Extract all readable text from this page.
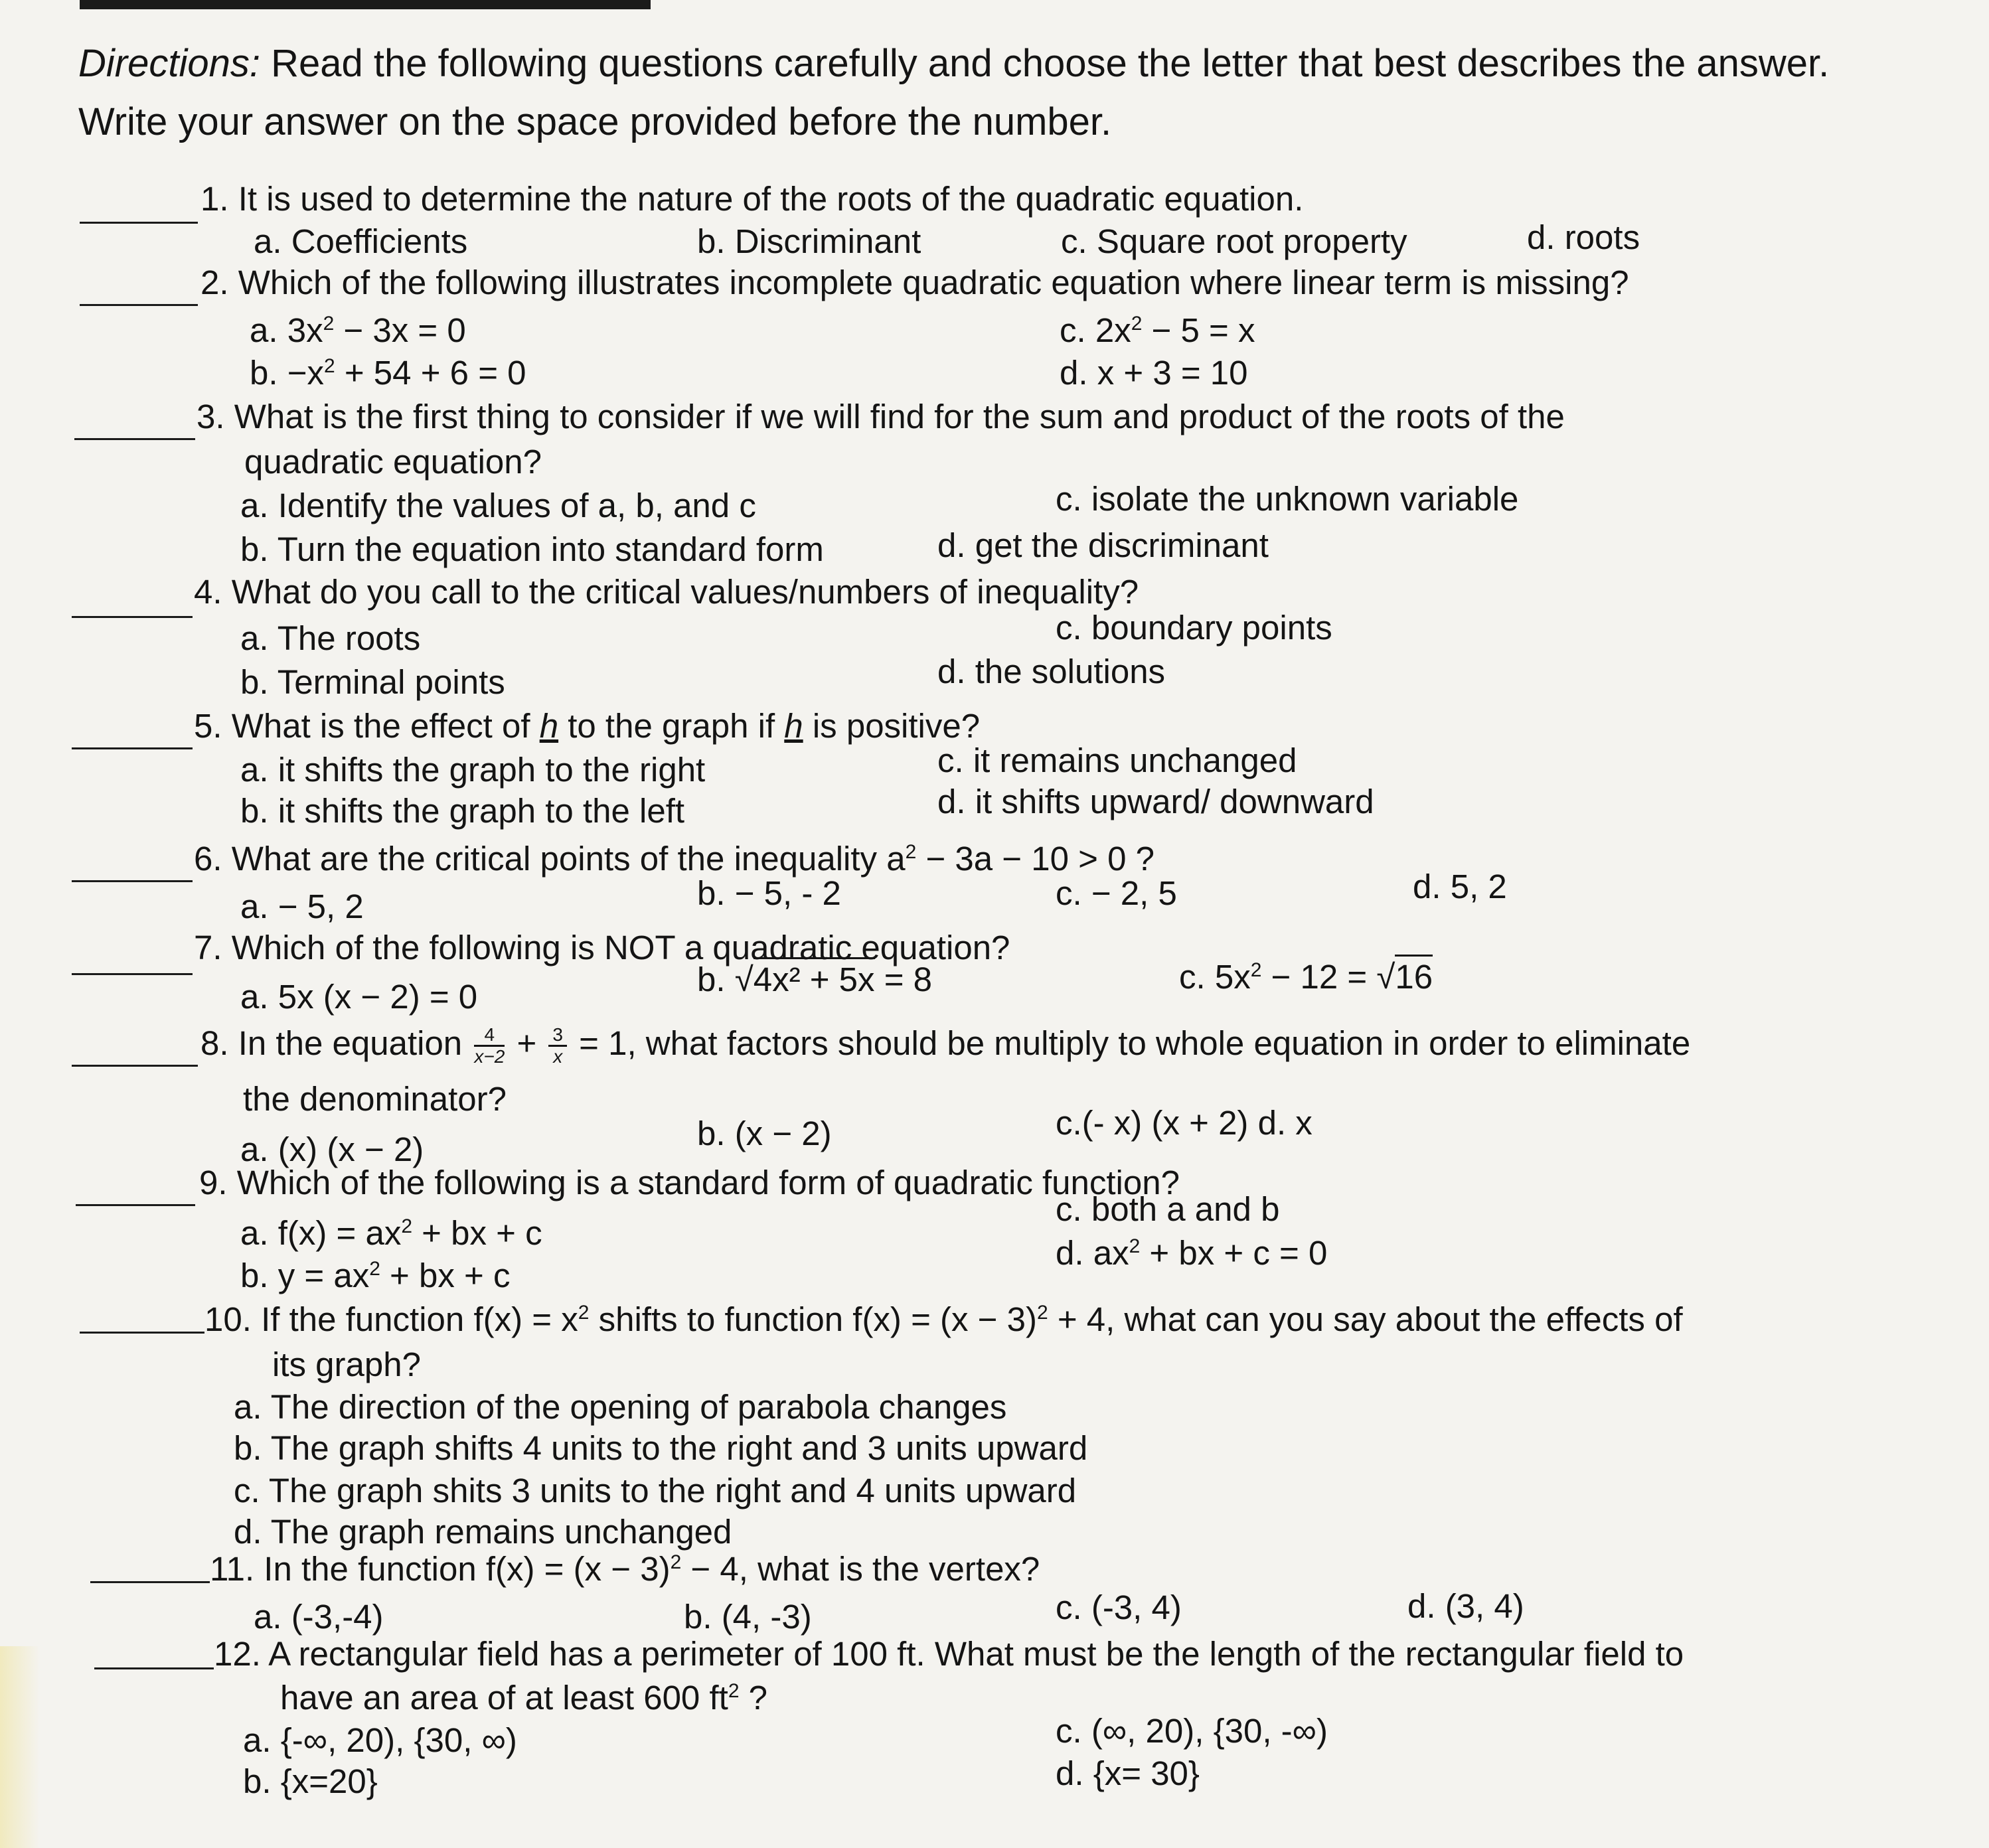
Directions: Read the following questions carefully and choose the letter that best describes the answer. Write your answer on the space provided before the number.
1. It is used to determine the nature of the roots of the quadratic equation.
a. Coefficients	b. Discriminant	c. Square root property	d. roots
2. Which of the following illustrates incomplete quadratic equation where linear term is missing?
a. $3x^2 - 3x = 0$	c. $2x^2 - 5 = x$
b. $-x^2 + 54 + 6 = 0$	d. x + 3 = 10
3. What is the first thing to consider if we will find for the sum and product of the roots of the
quadratic equation?
a. Identify the values of a, b, and c	c. isolate the unknown variable
b. Turn the equation into standard form	d. get the discriminant
4. What do you call to the critical values/numbers of inequality?
a. The roots	c. boundary points
b. Terminal points	d. the solutions
5. What is the effect of h to the graph if h is positive?
a. it shifts the graph to the right	c. it remains unchanged
b. it shifts the graph to the left	d. it shifts upward/ downward
6. What are the critical points of the inequality $a^2 - 3a - 10 > 0$ ?
a. − 5, 2	b. − 5, - 2	c. − 2, 5	d. 5, 2
7. Which of the following is NOT a quadratic equation?
a. 5x (x − 2) = 0	b. √4x² + 5x = 8	c. $5x^2 - 12 = √16$
8. In the equation $\frac{4}{x-2} + \frac{3}{x} = 1$, what factors should be multiply to whole equation in order to eliminate
the denominator?
a. (x) (x − 2)	b. (x − 2)	c.(- x) (x + 2) d. x
9. Which of the following is a standard form of quadratic function?
c. both a and b
a. $f(x) = ax^2$ + bx + c
d. $ax^2$ + bx + c = 0
b. $y = ax^2$ + bx + c
10. If the function $f(x) = x^2$ shifts to function $f(x) = (x - 3)^2 + 4$, what can you say about the effects of
its graph?
a. The direction of the opening of parabola changes
b. The graph shifts 4 units to the right and 3 units upward
c. The graph shits 3 units to the right and 4 units upward
d. The graph remains unchanged
11. In the function $f(x) = (x - 3)^2 - 4$, what is the vertex?
a. (-3,-4)	b. (4, -3)	c. (-3, 4)	d. (3, 4)
12. A rectangular field has a perimeter of 100 ft. What must be the length of the rectangular field to
have an area of at least 600 $ft^2$ ?
a. {-∞, 20), {30, ∞)	c. (∞, 20), {30, -∞)
b. {x=20}	d. {x= 30}
